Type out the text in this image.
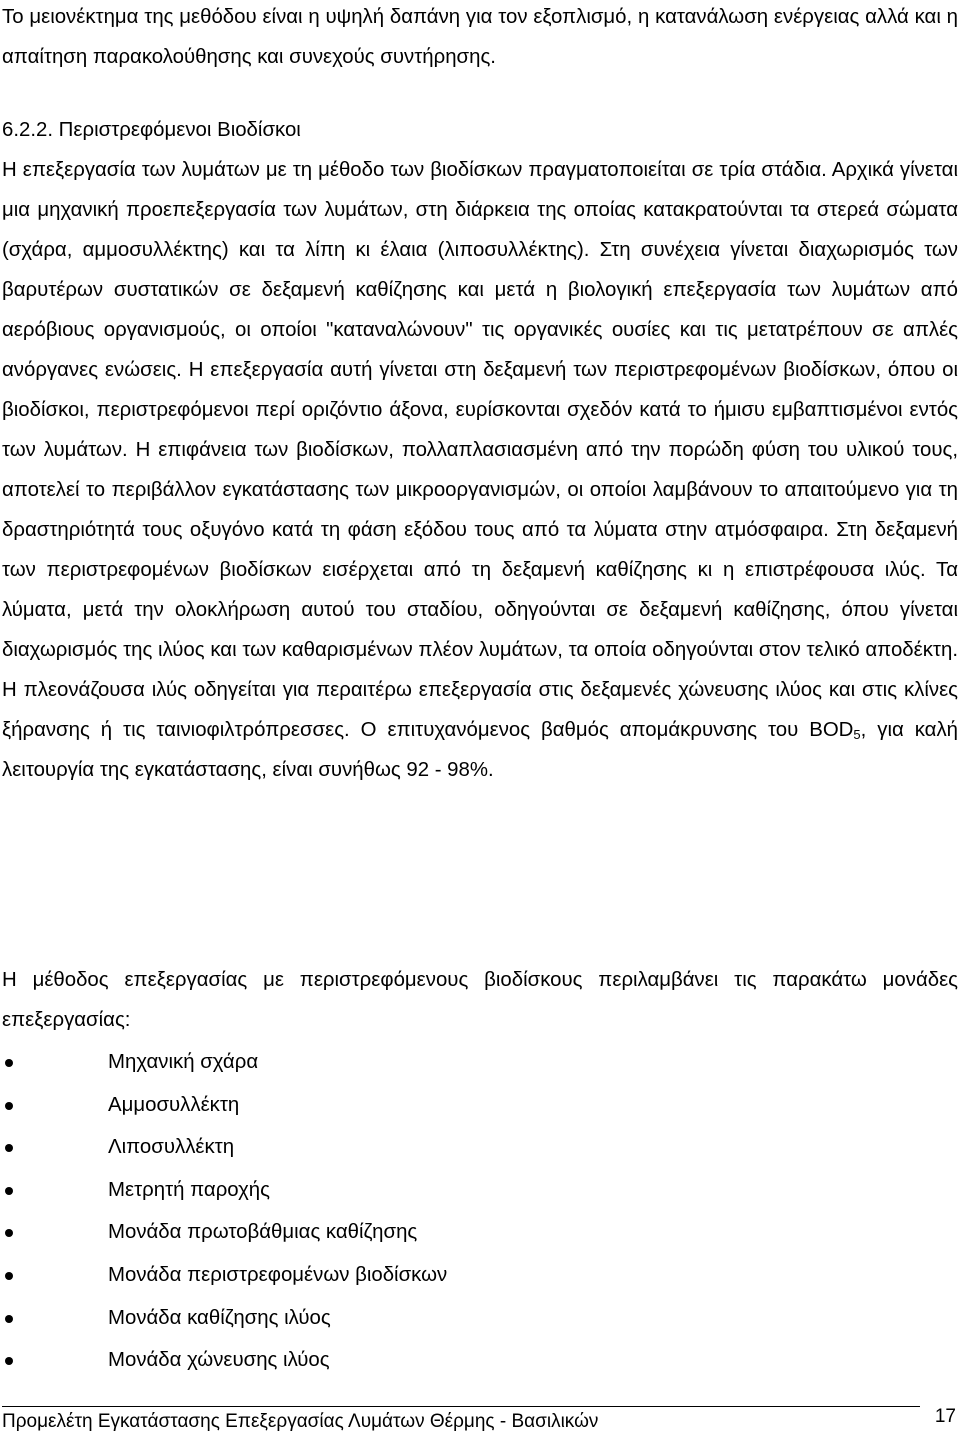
Το μειονέκτημα της μεθόδου είναι η υψηλή δαπάνη για τον εξοπλισμό, η κατανάλωση ενέργειας αλλά και η απαίτηση παρακολούθησης και συνεχούς συντήρησης.

6.2.2. Περιστρεφόμενοι Βιοδίσκοι

Η επεξεργασία των λυμάτων με τη μέθοδο των βιοδίσκων πραγματοποιείται σε τρία στάδια. Αρχικά γίνεται μια μηχανική προεπεξεργασία των λυμάτων, στη διάρκεια της οποίας κατακρατούνται τα στερεά σώματα (σχάρα, αμμοσυλλέκτης) και τα λίπη κι έλαια (λιποσυλλέκτης). Στη συνέχεια γίνεται διαχωρισμός των βαρυτέρων συστατικών σε δεξαμενή καθίζησης και μετά η βιολογική επεξεργασία των λυμάτων από αερόβιους οργανισμούς, οι οποίοι "καταναλώνουν" τις οργανικές ουσίες και τις μετατρέπουν σε απλές ανόργανες ενώσεις. Η επεξεργασία αυτή γίνεται στη δεξαμενή των περιστρεφομένων βιοδίσκων, όπου οι βιοδίσκοι, περιστρεφόμενοι περί οριζόντιο άξονα, ευρίσκονται σχεδόν κατά το ήμισυ εμβαπτισμένοι εντός των λυμάτων. Η επιφάνεια των βιοδίσκων, πολλαπλασιασμένη από την πορώδη φύση του υλικού τους, αποτελεί το περιβάλλον εγκατάστασης των μικροοργανισμών, οι οποίοι λαμβάνουν το απαιτούμενο για τη δραστηριότητά τους οξυγόνο κατά τη φάση εξόδου τους από τα λύματα στην ατμόσφαιρα. Στη δεξαμενή των περιστρεφομένων βιοδίσκων εισέρχεται από τη δεξαμενή καθίζησης κι η επιστρέφουσα ιλύς. Τα λύματα, μετά την ολοκλήρωση αυτού του σταδίου, οδηγούνται σε δεξαμενή καθίζησης, όπου γίνεται διαχωρισμός της ιλύος και των καθαρισμένων πλέον λυμάτων, τα οποία οδηγούνται στον τελικό αποδέκτη. Η πλεονάζουσα ιλύς οδηγείται για περαιτέρω επεξεργασία στις δεξαμενές χώνευσης ιλύος και στις κλίνες ξήρανσης ή τις ταινιοφιλτρόπρεσσες. Ο επιτυχανόμενος βαθμός απομάκρυνσης του $BOD_5$, για καλή λειτουργία της εγκατάστασης, είναι συνήθως 92 - 98%.

Η μέθοδος επεξεργασίας με περιστρεφόμενους βιοδίσκους περιλαμβάνει τις παρακάτω μονάδες επεξεργασίας:

Μηχανική σχάρα
Αμμοσυλλέκτη
Λιποσυλλέκτη
Μετρητή παροχής
Μονάδα πρωτοβάθμιας καθίζησης
Μονάδα περιστρεφομένων βιοδίσκων
Μονάδα καθίζησης ιλύος
Μονάδα χώνευσης ιλύος
Προμελέτη Εγκατάστασης Επεξεργασίας Λυμάτων Θέρμης - Βασιλικών	17
